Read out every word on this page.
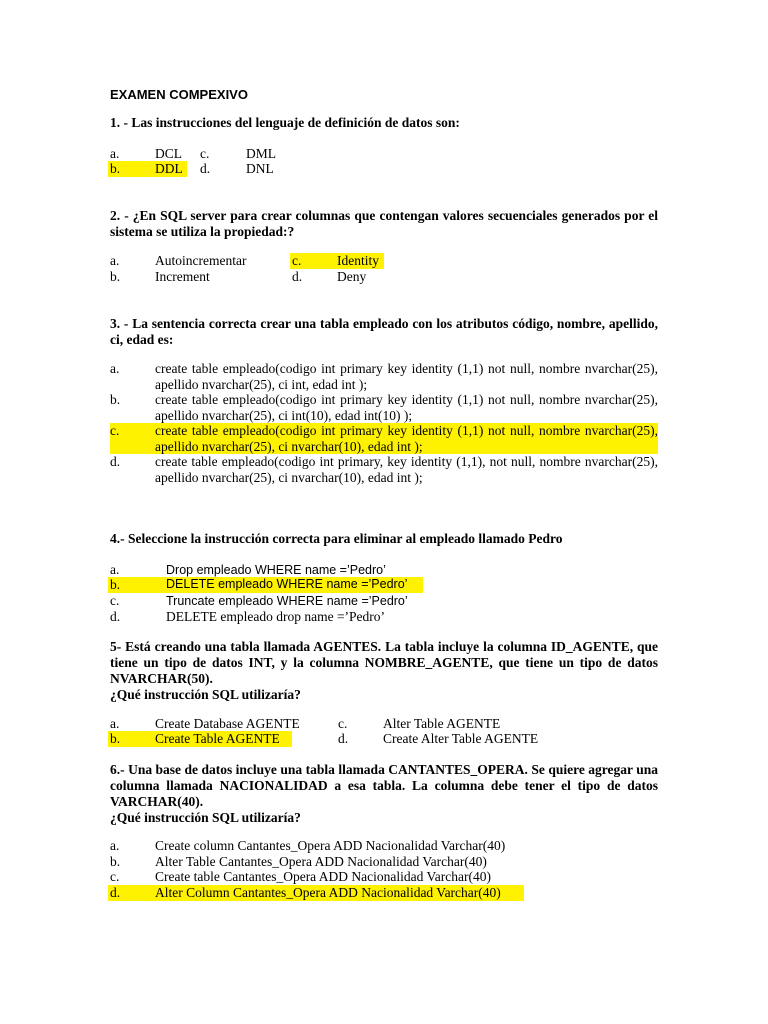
EXAMEN COMPEXIVO
1. - Las instrucciones del lenguaje de definición de datos son:
a.	DCL c.	DML
b.	DDL d.	DNL
2. - ¿En SQL server para crear columnas que contengan valores secuenciales generados por el sistema se utiliza la propiedad:?
a.	Autoincrementar	c.	Identity
b.	Increment	d.	Deny
3. - La sentencia correcta crear una tabla empleado con los atributos código, nombre, apellido, ci, edad es:
a.	create table empleado(codigo int primary key identity (1,1) not null, nombre nvarchar(25), apellido nvarchar(25), ci int, edad int );
b.	create table empleado(codigo int primary key identity (1,1) not null, nombre nvarchar(25), apellido nvarchar(25), ci int(10), edad int(10) );
c.	create table empleado(codigo int primary key identity (1,1) not null, nombre nvarchar(25), apellido nvarchar(25), ci nvarchar(10), edad int );
d.	create table empleado(codigo int primary, key identity (1,1), not null, nombre nvarchar(25), apellido nvarchar(25), ci nvarchar(10), edad int );
4.- Seleccione la instrucción correcta para eliminar al empleado llamado Pedro
a.	Drop empleado WHERE name =’Pedro’
b.	DELETE empleado WHERE name =’Pedro’
c.	Truncate empleado WHERE name =’Pedro’
d.	DELETE empleado drop name =’Pedro’

5- Está creando una tabla llamada AGENTES. La tabla incluye la columna ID_AGENTE, que tiene un tipo de datos INT, y la columna NOMBRE_AGENTE, que tiene un tipo de datos NVARCHAR(50).

¿Qué instrucción SQL utilizaría?

a.	Create Database AGENTE	c.	Alter Table AGENTE
b.	Create Table AGENTE	d.	Create Alter Table AGENTE

6.- Una base de datos incluye una tabla llamada CANTANTES_OPERA. Se quiere agregar una columna llamada NACIONALIDAD a esa tabla. La columna debe tener el tipo de datos VARCHAR(40).

¿Qué instrucción SQL utilizaría?

a.	Create column Cantantes_Opera ADD Nacionalidad Varchar(40)
b.	Alter Table Cantantes_Opera ADD Nacionalidad Varchar(40)
c.	Create table Cantantes_Opera ADD Nacionalidad Varchar(40)
d.	Alter Column Cantantes_Opera ADD Nacionalidad Varchar(40)
